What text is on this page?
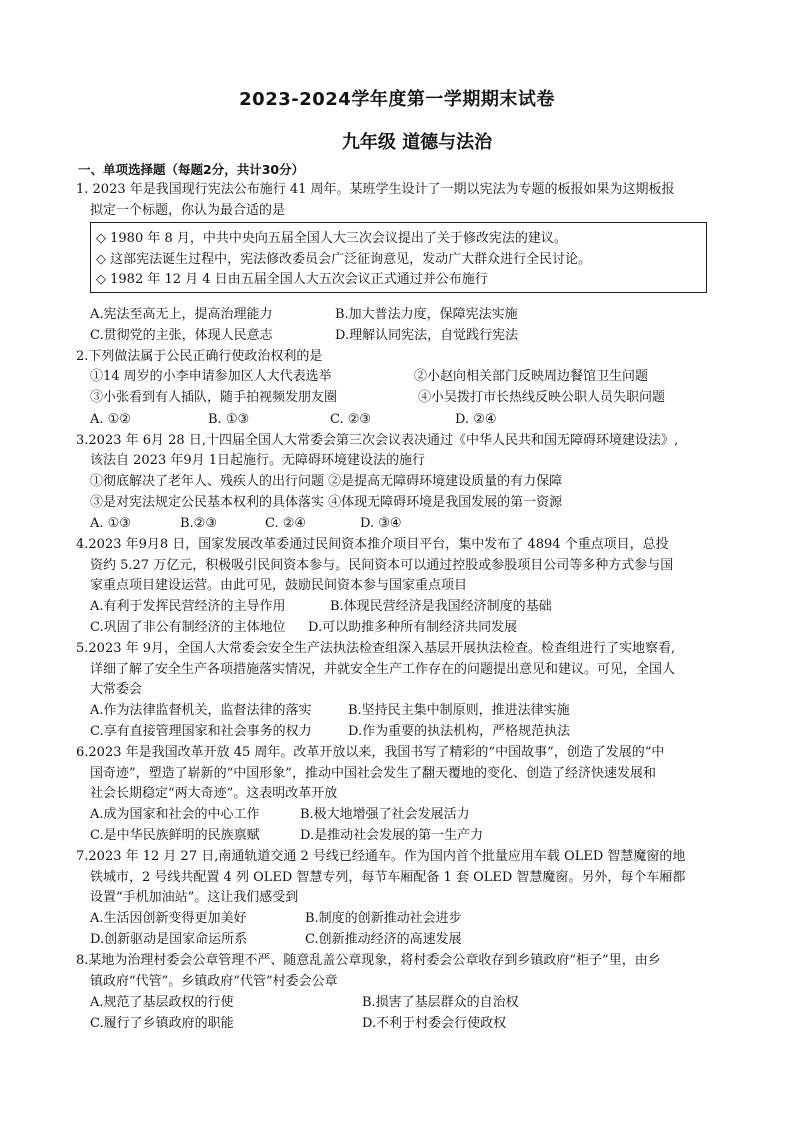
2023-2024学年度第一学期期末试卷
九年级 道德与法治
一、单项选择题（每题2分，共计30分）
1. 2023 年是我国现行宪法公布施行 41 周年。某班学生设计了一期以宪法为专题的板报如果为这期板报
拟定一个标题，你认为最合适的是
◇ 1980 年 8 月，中共中央向五届全国人大三次会议提出了关于修改宪法的建议。
◇ 这部宪法诞生过程中，宪法修改委员会广泛征询意见，发动广大群众进行全民讨论。
◇ 1982 年 12 月 4 日由五届全国人大五次会议正式通过并公布施行
A.宪法至高无上，提高治理能力	B.加大普法力度，保障宪法实施
C.贯彻党的主张，体现人民意志	D.理解认同宪法，自觉践行宪法
2.下列做法属于公民正确行使政治权利的是
①14 周岁的小李申请参加区人大代表选举	②小赵向相关部门反映周边餐馆卫生问题
③小张看到有人插队，随手拍视频发朋友圈	④小吴拨打市长热线反映公职人员失职问题
A. ①②	B. ①③	C. ②③	D. ②④
3.2023 年 6月 28 日,十四届全国人大常委会第三次会议表决通过《中华人民共和国无障碍环境建设法》,
该法自 2023 年9月 1日起施行。无障碍环境建设法的施行
①彻底解决了老年人、残疾人的出行问题 ②是提高无障碍环境建设质量的有力保障
③是对宪法规定公民基本权利的具体落实 ④体现无障碍环境是我国发展的第一资源
A. ①③	B.②③	C. ②④	D. ③④
4.2023 年9月8 日，国家发展改革委通过民间资本推介项目平台，集中发布了 4894 个重点项目，总投
资约 5.27 万亿元，积极吸引民间资本参与。民间资本可以通过控股或参股项目公司等多种方式参与国
家重点项目建设运营。由此可见，鼓励民间资本参与国家重点项目
A.有利于发挥民营经济的主导作用	B.体现民营经济是我国经济制度的基础
C.巩固了非公有制经济的主体地位 D.可以助推多种所有制经济共同发展
5.2023 年 9月，全国人大常委会安全生产法执法检查组深入基层开展执法检查。检查组进行了实地察看,
详细了解了安全生产各项措施落实情况，并就安全生产工作存在的问题提出意见和建议。可见，全国人
大常委会
A.作为法律监督机关，监督法律的落实	B.坚持民主集中制原则，推进法律实施
C.享有直接管理国家和社会事务的权力	D.作为重要的执法机构，严格规范执法
6.2023 年是我国改革开放 45 周年。改革开放以来，我国书写了精彩的“中国故事”，创造了发展的“中
国奇迹”，塑造了崭新的“中国形象”，推动中国社会发生了翻天覆地的变化、创造了经济快速发展和
社会长期稳定“两大奇迹”。这表明改革开放
A.成为国家和社会的中心工作	B.极大地增强了社会发展活力
C.是中华民族鲜明的民族禀赋	D.是推动社会发展的第一生产力
7.2023 年 12 月 27 日,南通轨道交通 2 号线已经通车。作为国内首个批量应用车载 OLED 智慧魔窗的地
铁城市，2 号线共配置 4 列 OLED 智慧专列，每节车厢配备 1 套 OLED 智慧魔窗。另外，每个车厢都
设置“手机加油站”。这让我们感受到
A.生活因创新变得更加美好	B.制度的创新推动社会进步
D.创新驱动是国家命运所系	C.创新推动经济的高速发展
8.某地为治理村委会公章管理不严、随意乱盖公章现象，将村委会公章收存到乡镇政府“柜子”里，由乡
镇政府“代管”。乡镇政府“代管”村委会公章
A.规范了基层政权的行使	B.损害了基层群众的自治权
C.履行了乡镇政府的职能	D.不利于村委会行使政权
